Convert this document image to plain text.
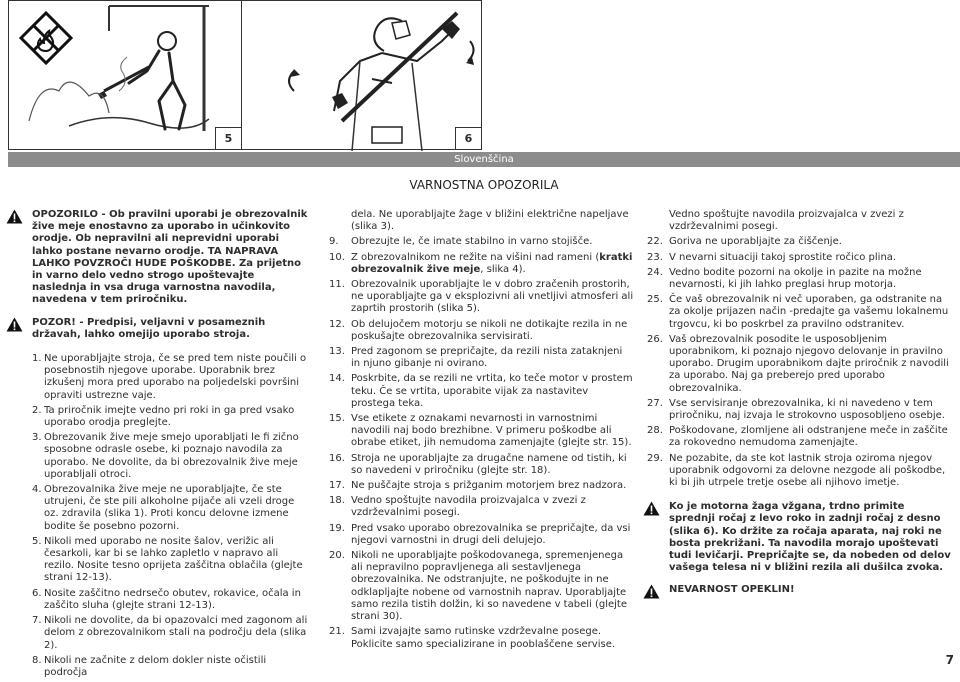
5	6
Slovenščina
VARNOSTNA OPOZORILA
OPOZORILO - Ob pravilni uporabi je obrezovalnik žive meje enostavno za uporabo in učinkovito orodje. Ob nepravilni ali neprevidni uporabi lahko postane nevarno orodje. TA NAPRAVA LAHKO POVZROČI HUDE POŠKODBE. Za prijetno in varno delo vedno strogo upoštevajte naslednja in vsa druga varnostna navodila, navedena v tem priročniku.
POZOR! - Predpisi, veljavni v posameznih državah, lahko omejijo uporabo stroja.
1. Ne uporabljajte stroja, če se pred tem niste poučili o posebnostih njegove uporabe. Uporabnik brez izkušenj mora pred uporabo na poljedelski površini opraviti ustrezne vaje.
2. Ta priročnik imejte vedno pri roki in ga pred vsako uporabo orodja preglejte.
3. Obrezovanik žive meje smejo uporabljati le fi zično sposobne odrasle osebe, ki poznajo navodila za uporabo. Ne dovolite, da bi obrezovalnik žive meje uporabljali otroci.
4. Obrezovalnika žive meje ne uporabljajte, če ste utrujeni, če ste pili alkoholne pijače ali vzeli droge oz. zdravila (slika 1). Proti koncu delovne izmene bodite še posebno pozorni.
5. Nikoli med uporabo ne nosite šalov, verižic ali česarkoli, kar bi se lahko zapletlo v napravo ali rezilo. Nosite tesno oprijeta zaščitna oblačila (glejte strani 12-13).
6. Nosite zaščitno nedrsečo obutev, rokavice, očala in zaščito sluha (glejte strani 12-13).
7. Nikoli ne dovolite, da bi opazovalci med zagonom ali delom z obrezovalnikom stali na področju dela (slika 2).
8. Nikoli ne začnite z delom dokler niste očistili področja
dela. Ne uporabljajte žage v bližini električne napeljave (slika 3).
9.	Obrezujte le, če imate stabilno in varno stojišče.
10. Z obrezovalnikom ne režite na višini nad rameni (kratki obrezovalnik žive meje, slika 4).
11. Obrezovalnik uporabljajte le v dobro zračenih prostorih, ne uporabljajte ga v eksplozivni ali vnetljivi atmosferi ali zaprtih prostorih (slika 5).
12. Ob delujočem motorju se nikoli ne dotikajte rezila in ne poskušajte obrezovalnika servisirati.
13. Pred zagonom se prepričajte, da rezili nista zataknjeni in njuno gibanje ni ovirano.
14. Poskrbite, da se rezili ne vrtita, ko teče motor v prostem teku. Če se vrtita, uporabite vijak za nastavitev prostega teka.
15. Vse etikete z oznakami nevarnosti in varnostnimi navodili naj bodo brezhibne. V primeru poškodbe ali obrabe etiket, jih nemudoma zamenjajte (glejte str. 15).
16. Stroja ne uporabljajte za drugačne namene od tistih, ki so navedeni v priročniku (glejte str. 18).
17. Ne puščajte stroja s prižganim motorjem brez nadzora.
18. Vedno spoštujte navodila proizvajalca v zvezi z vzdrževalnimi posegi.
19. Pred vsako uporabo obrezovalnika se prepričajte, da vsi njegovi varnostni in drugi deli delujejo.
20. Nikoli ne uporabljajte poškodovanega, spremenjenega ali nepravilno popravljenega ali sestavljenega obrezovalnika. Ne odstranjujte, ne poškodujte in ne odklapljajte nobene od varnostnih naprav. Uporabljajte samo rezila tistih dolžin, ki so navedene v tabeli (glejte strani 30).
21. Sami izvajajte samo rutinske vzdrževalne posege. Poklicite samo specializirane in pooblaščene servise.
Vedno spoštujte navodila proizvajalca v zvezi z vzdrževalnimi posegi.
22. Goriva ne uporabljajte za čiščenje.
23. V nevarni situaciji takoj sprostite ročico plina.
24. Vedno bodite pozorni na okolje in pazite na možne nevarnosti, ki jih lahko preglasi hrup motorja.
25. Če vaš obrezovalnik ni več uporaben, ga odstranite na za okolje prijazen način -predajte ga vašemu lokalnemu trgovcu, ki bo poskrbel za pravilno odstranitev.
26. Vaš obrezovalnik posodite le usposobljenim uporabnikom, ki poznajo njegovo delovanje in pravilno uporabo. Drugim uporabnikom dajte priročnik z navodili za uporabo. Naj ga preberejo pred uporabo obrezovalnika.
27. Vse servisiranje obrezovalnika, ki ni navedeno v tem priročniku, naj izvaja le strokovno usposobljeno osebje.
28. Poškodovane, zlomljene ali odstranjene meče in zaščite za rokovedno nemudoma zamenjajte.
29. Ne pozabite, da ste kot lastnik stroja oziroma njegov uporabnik odgovorni za delovne nezgode ali poškodbe, ki bi jih utrpele tretje osebe ali njihovo imetje.
Ko je motorna žaga vžgana, trdno primite sprednji ročaj z levo roko in zadnji ročaj z desno (slika 6). Ko držite za ročaja aparata, naj roki ne bosta prekrižani. Ta navodila morajo upoštevati tudi levičarji. Prepričajte se, da nobeden od delov vašega telesa ni v bližini rezila ali dušilca zvoka.
NEVARNOST OPEKLIN!
7
